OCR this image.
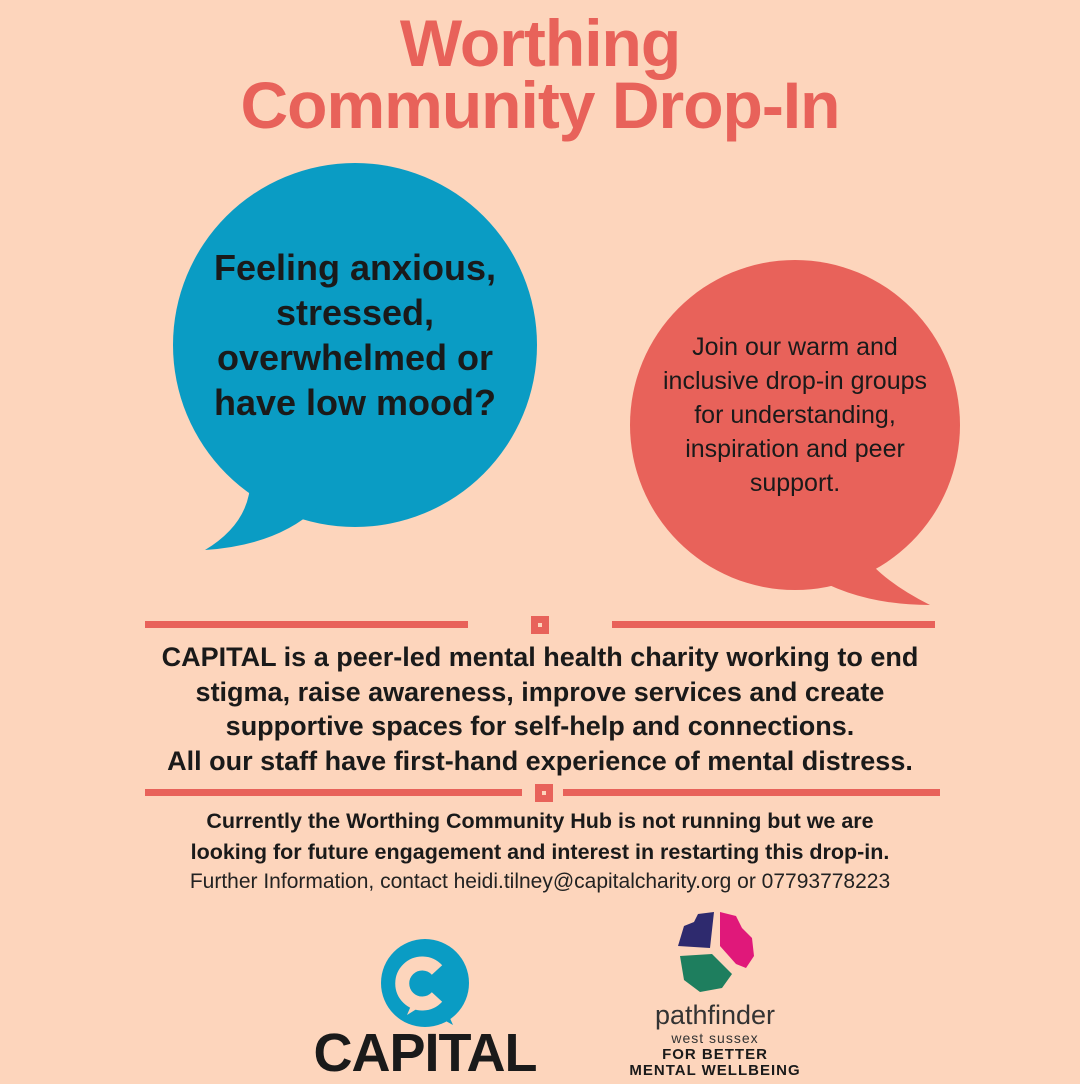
Worthing
Community Drop-In
Feeling anxious, stressed, overwhelmed or have low mood?
Join our warm and inclusive drop-in groups for understanding, inspiration and peer support.
CAPITAL is a peer-led mental health charity working to end
stigma, raise awareness, improve services and create
supportive spaces for self-help and connections.
All our staff have first-hand experience of mental distress.
Currently the Worthing Community Hub is not running but we are
looking for future engagement and interest in restarting this drop-in.
Further Information, contact heidi.tilney@capitalcharity.org or 07793778223
CAPITAL
pathfinder
west sussex
FOR BETTER
MENTAL WELLBEING
